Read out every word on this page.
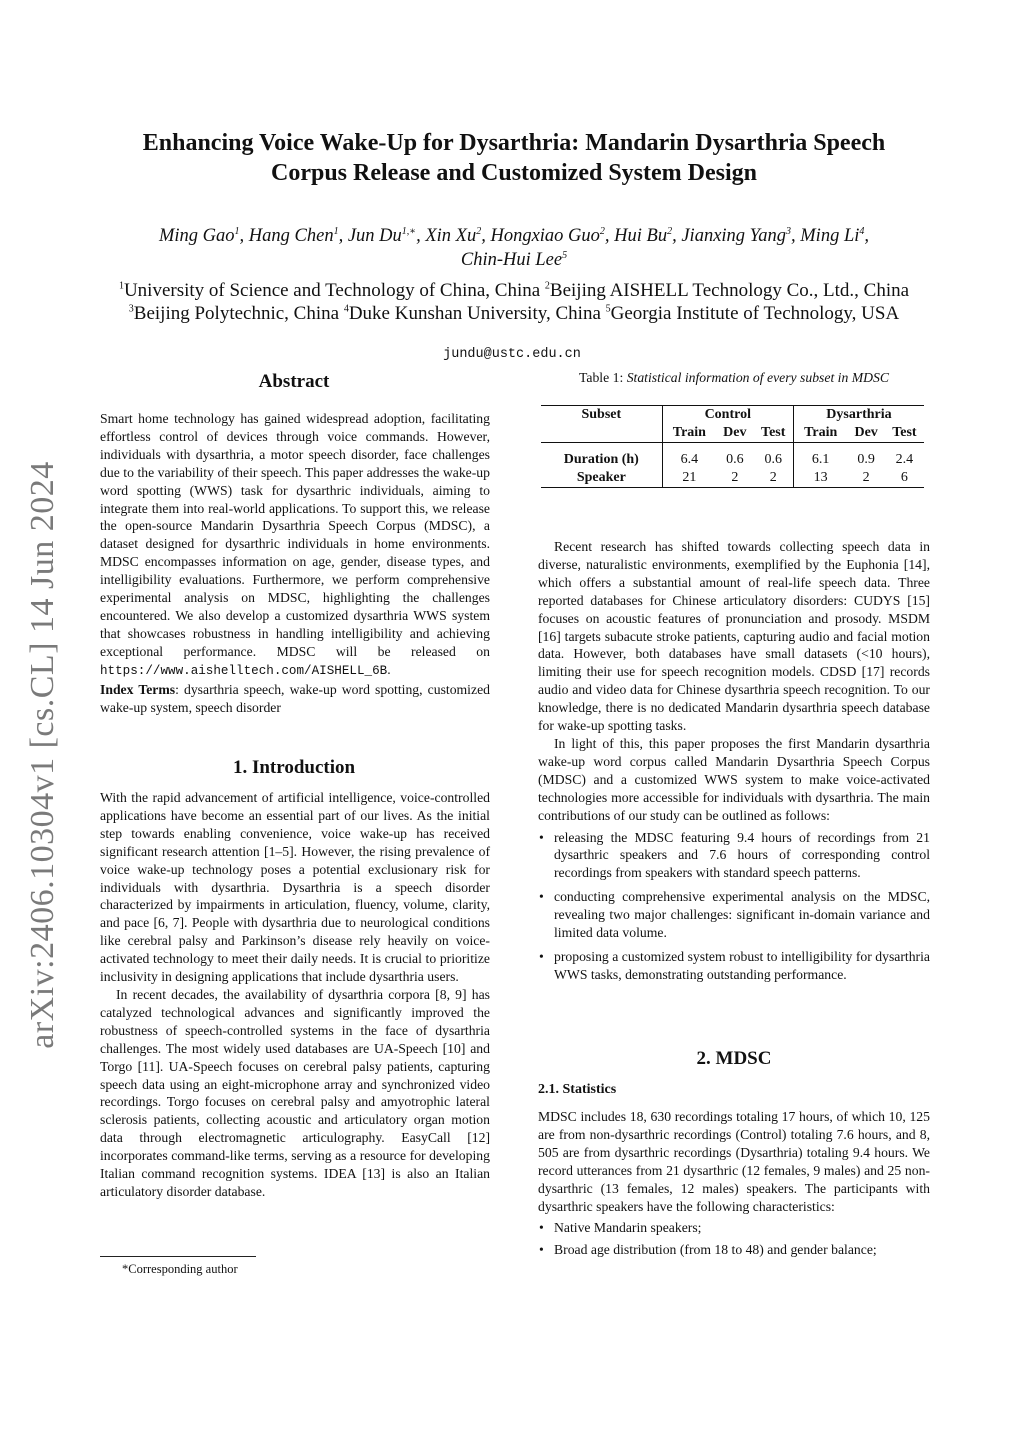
arXiv:2406.10304v1 [cs.CL] 14 Jun 2024
Enhancing Voice Wake-Up for Dysarthria: Mandarin Dysarthria Speech
Corpus Release and Customized System Design
Ming Gao$^1$, Hang Chen$^1$, Jun $Du^{1,∗}$, Xin Xu$^2$, Hongxiao Guo$^2$, Hui Bu$^2$, Jianxing Yang$^3$, Ming Li$^4$,
Chin-Hui Lee$^5$
$^1$University of Science and Technology of China, China $^2$Beijing AISHELL Technology Co., Ltd., China $^3$Beijing Polytechnic, China $^4$Duke Kunshan University, China $^5$Georgia Institute of Technology, USA
jundu@ustc.edu.cn
Abstract

Smart home technology has gained widespread adoption, facilitating effortless control of devices through voice commands. However, individuals with dysarthria, a motor speech disorder, face challenges due to the variability of their speech. This paper addresses the wake-up word spotting (WWS) task for dysarthric individuals, aiming to integrate them into real-world applications. To support this, we release the open-source Mandarin Dysarthria Speech Corpus (MDSC), a dataset designed for dysarthric individuals in home environments. MDSC encompasses information on age, gender, disease types, and intelligibility evaluations. Furthermore, we perform comprehensive experimental analysis on MDSC, highlighting the challenges encountered. We also develop a customized dysarthria WWS system that showcases robustness in handling intelligibility and achieving exceptional performance. MDSC will be released on https://www.aishelltech.com/AISHELL_6B.

Index Terms: dysarthria speech, wake-up word spotting, customized wake-up system, speech disorder

1. Introduction

With the rapid advancement of artificial intelligence, voice-controlled applications have become an essential part of our lives. As the initial step towards enabling convenience, voice wake-up has received significant research attention [1–5]. However, the rising prevalence of voice wake-up technology poses a potential exclusionary risk for individuals with dysarthria. Dysarthria is a speech disorder characterized by impairments in articulation, fluency, volume, clarity, and pace [6, 7]. People with dysarthria due to neurological conditions like cerebral palsy and Parkinson’s disease rely heavily on voice-activated technology to meet their daily needs. It is crucial to prioritize inclusivity in designing applications that include dysarthria users.

In recent decades, the availability of dysarthria corpora [8, 9] has catalyzed technological advances and significantly improved the robustness of speech-controlled systems in the face of dysarthria challenges. The most widely used databases are UA-Speech [10] and Torgo [11]. UA-Speech focuses on cerebral palsy patients, capturing speech data using an eight-microphone array and synchronized video recordings. Torgo focuses on cerebral palsy and amyotrophic lateral sclerosis patients, collecting acoustic and articulatory organ motion data through electromagnetic articulography. EasyCall [12] incorporates command-like terms, serving as a resource for developing Italian command recognition systems. IDEA [13] is also an Italian articulatory disorder database.

*Corresponding author
Table 1: Statistical information of every subset in MDSC

Subset	Control			Dysarthria		
	Train	Dev	Test	Train	Dev	Test

Duration (h)	6.4	0.6	0.6	6.1	0.9	2.4
Speaker	21	2	2	13	2	6

Recent research has shifted towards collecting speech data in diverse, naturalistic environments, exemplified by the Euphonia [14], which offers a substantial amount of real-life speech data. Three reported databases for Chinese articulatory disorders: CUDYS [15] focuses on acoustic features of pronunciation and prosody. MSDM [16] targets subacute stroke patients, capturing audio and facial motion data. However, both databases have small datasets (<10 hours), limiting their use for speech recognition models. CDSD [17] records audio and video data for Chinese dysarthria speech recognition. To our knowledge, there is no dedicated Mandarin dysarthria speech database for wake-up spotting tasks.

In light of this, this paper proposes the first Mandarin dysarthria wake-up word corpus called Mandarin Dysarthria Speech Corpus (MDSC) and a customized WWS system to make voice-activated technologies more accessible for individuals with dysarthria. The main contributions of our study can be outlined as follows:

• releasing the MDSC featuring 9.4 hours of recordings from 21 dysarthric speakers and 7.6 hours of corresponding control recordings from speakers with standard speech patterns.
• conducting comprehensive experimental analysis on the MDSC, revealing two major challenges: significant in-domain variance and limited data volume.
• proposing a customized system robust to intelligibility for dysarthria WWS tasks, demonstrating outstanding performance.
2. MDSC
2.1. Statistics

MDSC includes 18, 630 recordings totaling 17 hours, of which 10, 125 are from non-dysarthric recordings (Control) totaling 7.6 hours, and 8, 505 are from dysarthric recordings (Dysarthria) totaling 9.4 hours. We record utterances from 21 dysarthric (12 females, 9 males) and 25 non-dysarthric (13 females, 12 males) speakers. The participants with dysarthric speakers have the following characteristics:

• Native Mandarin speakers;
• Broad age distribution (from 18 to 48) and gender balance;
